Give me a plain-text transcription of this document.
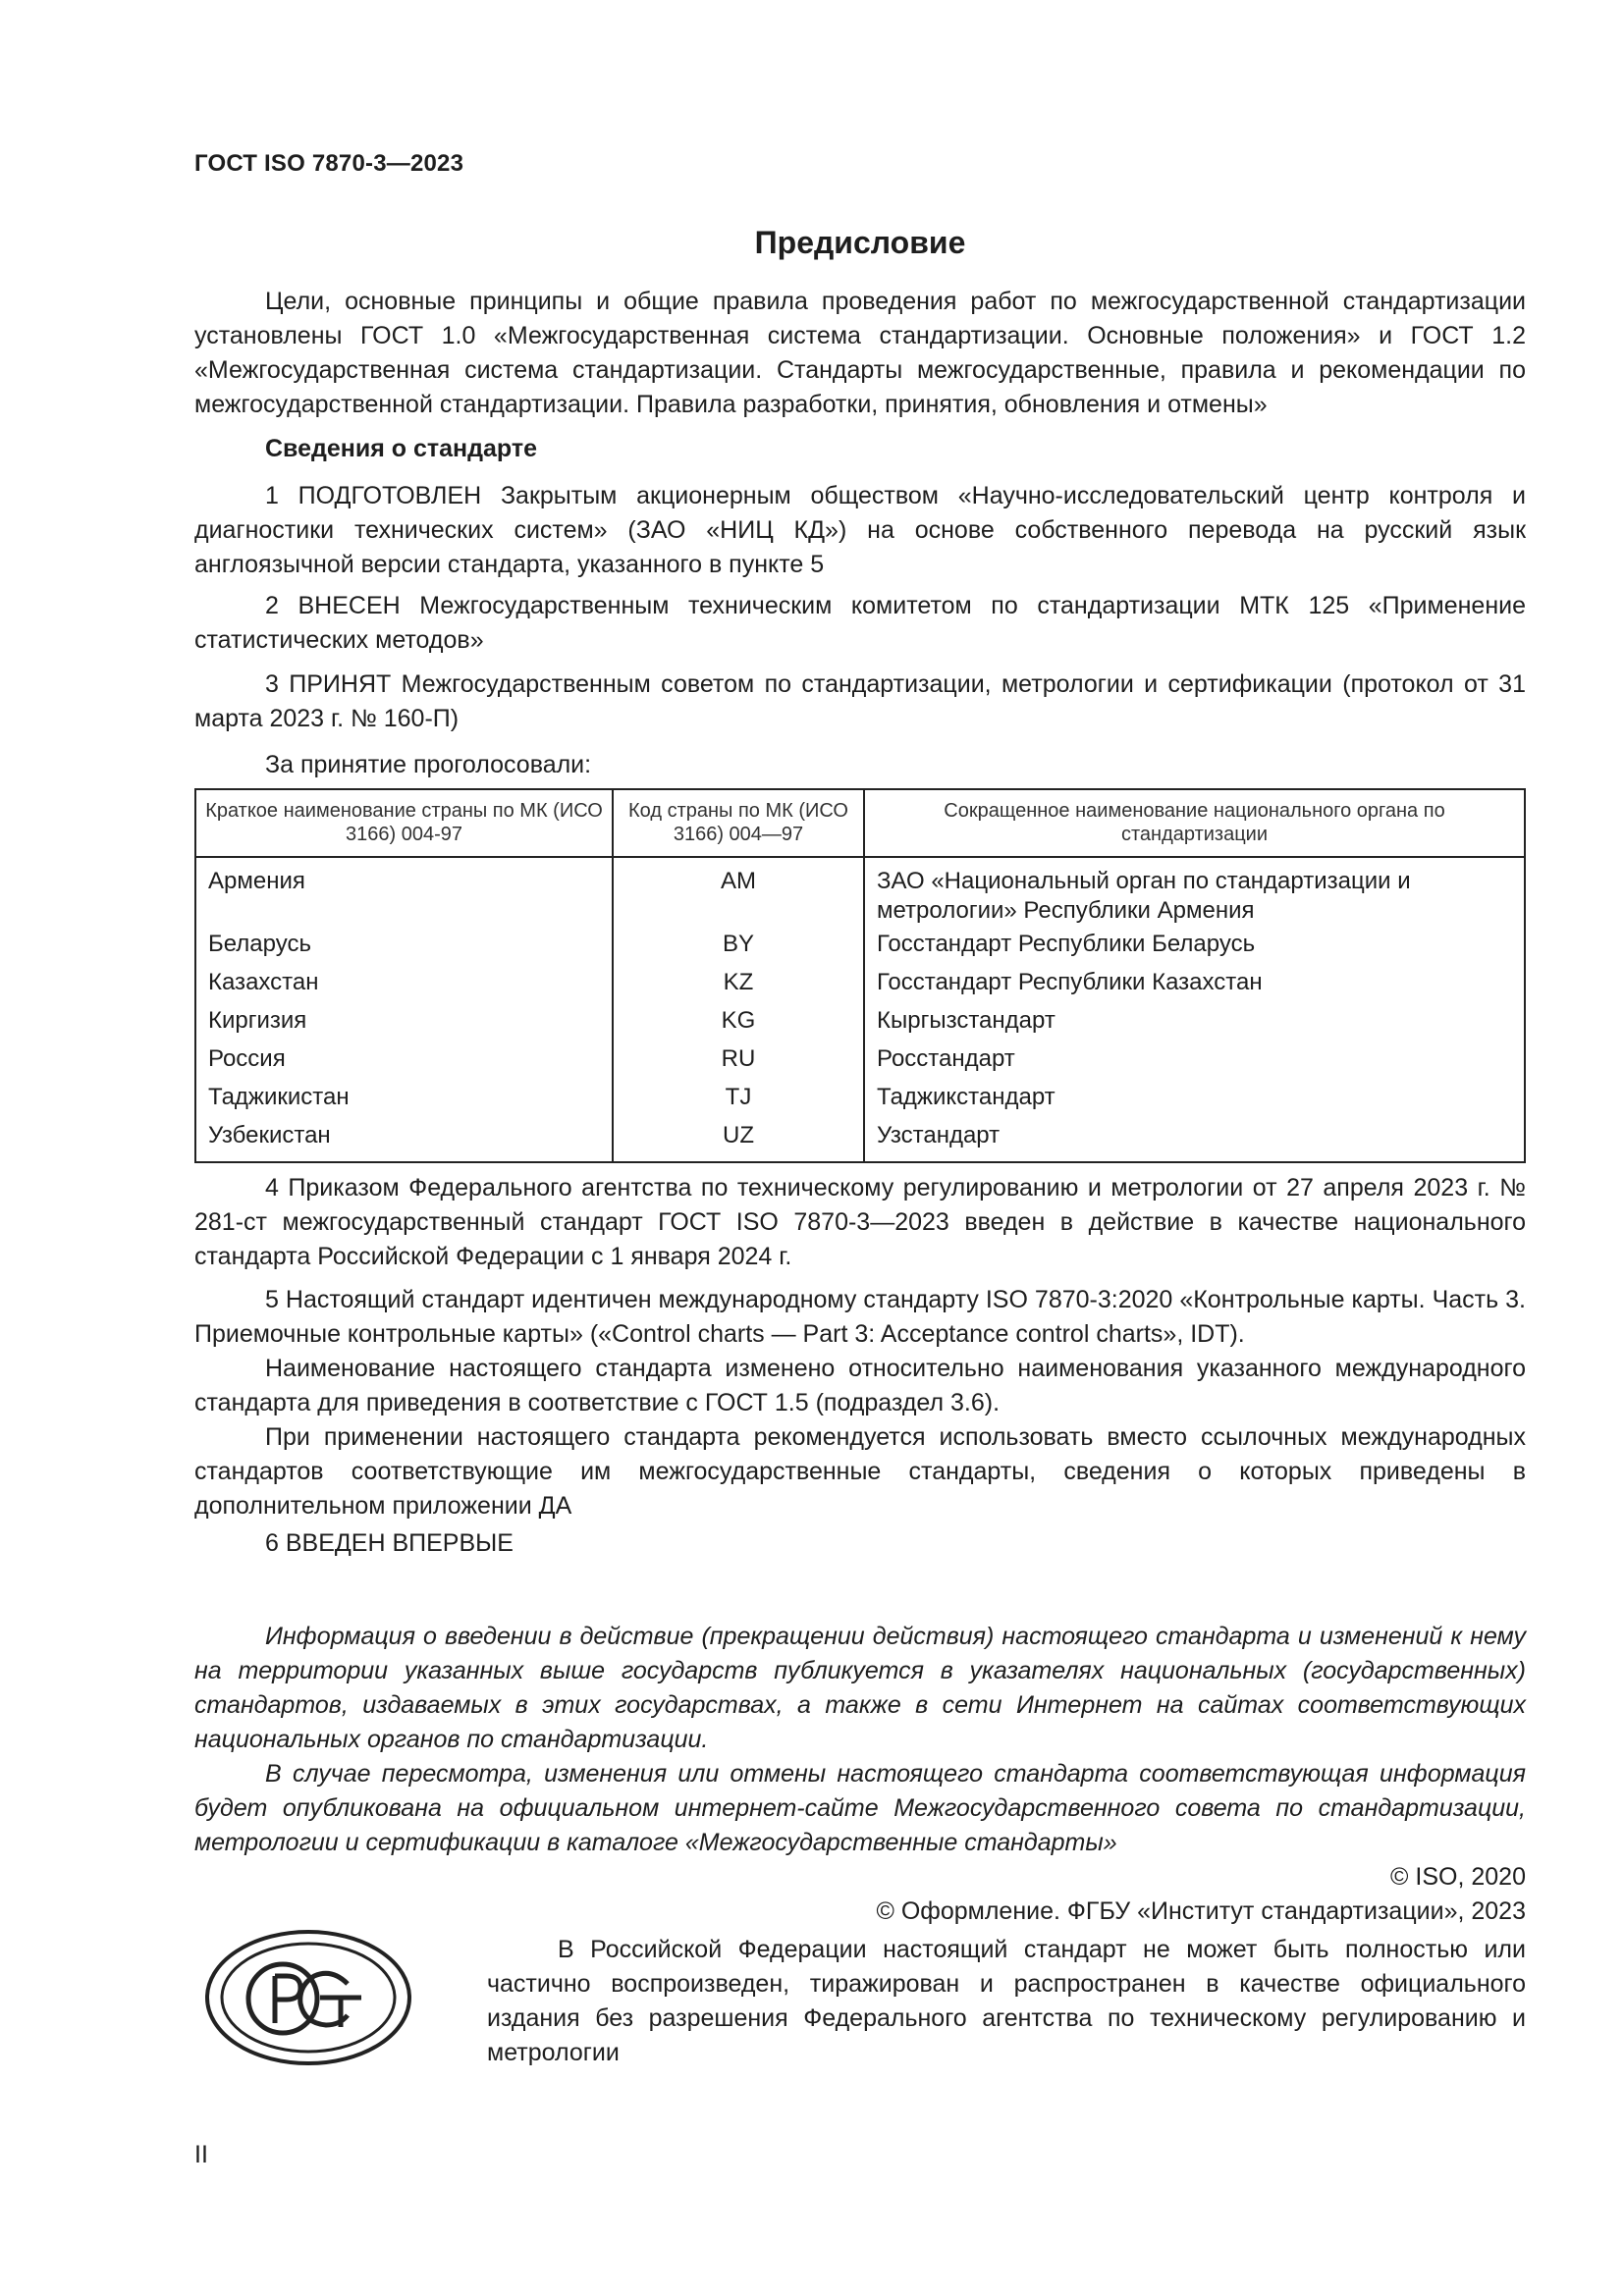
ГОСТ ISO 7870-3—2023
Предисловие

Цели, основные принципы и общие правила проведения работ по межгосударственной стандартизации установлены ГОСТ 1.0 «Межгосударственная система стандартизации. Основные положения» и ГОСТ 1.2 «Межгосударственная система стандартизации. Стандарты межгосударственные, правила и рекомендации по межгосударственной стандартизации. Правила разработки, принятия, обновления и отмены»

Сведения о стандарте

1 ПОДГОТОВЛЕН Закрытым акционерным обществом «Научно-исследовательский центр контроля и диагностики технических систем» (ЗАО «НИЦ КД») на основе собственного перевода на русский язык англоязычной версии стандарта, указанного в пункте 5

2 ВНЕСЕН Межгосударственным техническим комитетом по стандартизации МТК 125 «Применение статистических методов»

3 ПРИНЯТ Межгосударственным советом по стандартизации, метрологии и сертификации (протокол от 31 марта 2023 г. № 160-П)

За принятие проголосовали:

Краткое наименование страны по МК (ИСО 3166) 004-97	Код страны по МК (ИСО 3166) 004—97	Сокращенное наименование национального органа по стандартизации
Армения	AM	ЗАО «Национальный орган по стандартизации и метрологии» Республики Армения
Беларусь	BY	Госстандарт Республики Беларусь
Казахстан	KZ	Госстандарт Республики Казахстан
Киргизия	KG	Кыргызстандарт
Россия	RU	Росстандарт
Таджикистан	TJ	Таджикстандарт
Узбекистан	UZ	Узстандарт

4 Приказом Федерального агентства по техническому регулированию и метрологии от 27 апреля 2023 г. № 281-ст межгосударственный стандарт ГОСТ ISO 7870-3—2023 введен в действие в качестве национального стандарта Российской Федерации с 1 января 2024 г.

5 Настоящий стандарт идентичен международному стандарту ISO 7870-3:2020 «Контрольные карты. Часть 3. Приемочные контрольные карты» («Control charts — Part 3: Acceptance control charts», IDT).

Наименование настоящего стандарта изменено относительно наименования указанного международного стандарта для приведения в соответствие с ГОСТ 1.5 (подраздел 3.6).

При применении настоящего стандарта рекомендуется использовать вместо ссылочных международных стандартов соответствующие им межгосударственные стандарты, сведения о которых приведены в дополнительном приложении ДА

6 ВВЕДЕН ВПЕРВЫЕ

Информация о введении в действие (прекращении действия) настоящего стандарта и изменений к нему на территории указанных выше государств публикуется в указателях национальных (государственных) стандартов, издаваемых в этих государствах, а также в сети Интернет на сайтах соответствующих национальных органов по стандартизации.

В случае пересмотра, изменения или отмены настоящего стандарта соответствующая информация будет опубликована на официальном интернет-сайте Межгосударственного совета по стандартизации, метрологии и сертификации в каталоге «Межгосударственные стандарты»

© ISO, 2020

© Оформление. ФГБУ «Институт стандартизации», 2023

В Российской Федерации настоящий стандарт не может быть полностью или частично воспроизведен, тиражирован и распространен в качестве официального издания без разрешения Федерального агентства по техническому регулированию и метрологии

II
